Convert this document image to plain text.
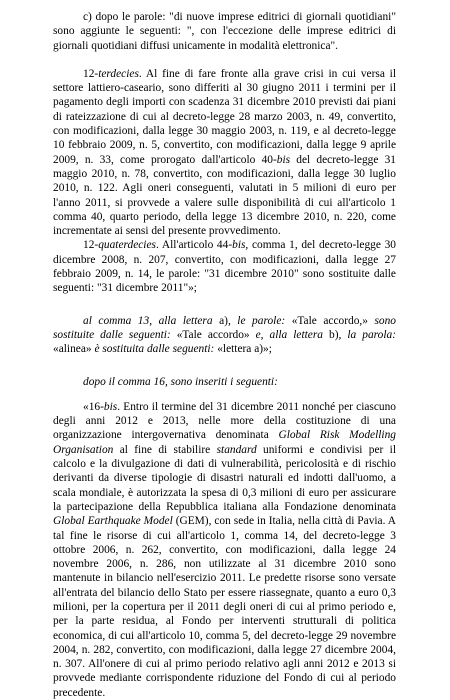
c) dopo le parole: "di nuove imprese editrici di giornali quotidiani" sono aggiunte le seguenti: ", con l'eccezione delle imprese editrici di giornali quotidiani diffusi unicamente in modalità elettronica".

12-terdecies. Al fine di fare fronte alla grave crisi in cui versa il settore lattiero-caseario, sono differiti al 30 giugno 2011 i termini per il pagamento degli importi con scadenza 31 dicembre 2010 previsti dai piani di rateizzazione di cui al decreto-legge 28 marzo 2003, n. 49, convertito, con modificazioni, dalla legge 30 maggio 2003, n. 119, e al decreto-legge 10 febbraio 2009, n. 5, convertito, con modificazioni, dalla legge 9 aprile 2009, n. 33, come prorogato dall'articolo 40-bis del decreto-legge 31 maggio 2010, n. 78, convertito, con modificazioni, dalla legge 30 luglio 2010, n. 122. Agli oneri conseguenti, valutati in 5 milioni di euro per l'anno 2011, si provvede a valere sulle disponibilità di cui all'articolo 1 comma 40, quarto periodo, della legge 13 dicembre 2010, n. 220, come incrementate ai sensi del presente provvedimento.

12-quaterdecies. All'articolo 44-bis, comma 1, del decreto-legge 30 dicembre 2008, n. 207, convertito, con modificazioni, dalla legge 27 febbraio 2009, n. 14, le parole: "31 dicembre 2010" sono sostituite dalle seguenti: "31 dicembre 2011"»;

al comma 13, alla lettera a), le parole: «Tale accordo,» sono sostituite dalle seguenti: «Tale accordo» e, alla lettera b), la parola: «alinea» è sostituita dalle seguenti: «lettera a)»;

dopo il comma 16, sono inseriti i seguenti:

«16-bis. Entro il termine del 31 dicembre 2011 nonché per ciascuno degli anni 2012 e 2013, nelle more della costituzione di una organizzazione intergovernativa denominata Global Risk Modelling Organisation al fine di stabilire standard uniformi e condivisi per il calcolo e la divulgazione di dati di vulnerabilità, pericolosità e di rischio derivanti da diverse tipologie di disastri naturali ed indotti dall'uomo, a scala mondiale, è autorizzata la spesa di 0,3 milioni di euro per assicurare la partecipazione della Repubblica italiana alla Fondazione denominata Global Earthquake Model (GEM), con sede in Italia, nella città di Pavia. A tal fine le risorse di cui all'articolo 1, comma 14, del decreto-legge 3 ottobre 2006, n. 262, convertito, con modificazioni, dalla legge 24 novembre 2006, n. 286, non utilizzate al 31 dicembre 2010 sono mantenute in bilancio nell'esercizio 2011. Le predette risorse sono versate all'entrata del bilancio dello Stato per essere riassegnate, quanto a euro 0,3 milioni, per la copertura per il 2011 degli oneri di cui al primo periodo e, per la parte residua, al Fondo per interventi strutturali di politica economica, di cui all'articolo 10, comma 5, del decreto-legge 29 novembre 2004, n. 282, convertito, con modificazioni, dalla legge 27 dicembre 2004, n. 307. All'onere di cui al primo periodo relativo agli anni 2012 e 2013 si provvede mediante corrispondente riduzione del Fondo di cui al periodo precedente.
